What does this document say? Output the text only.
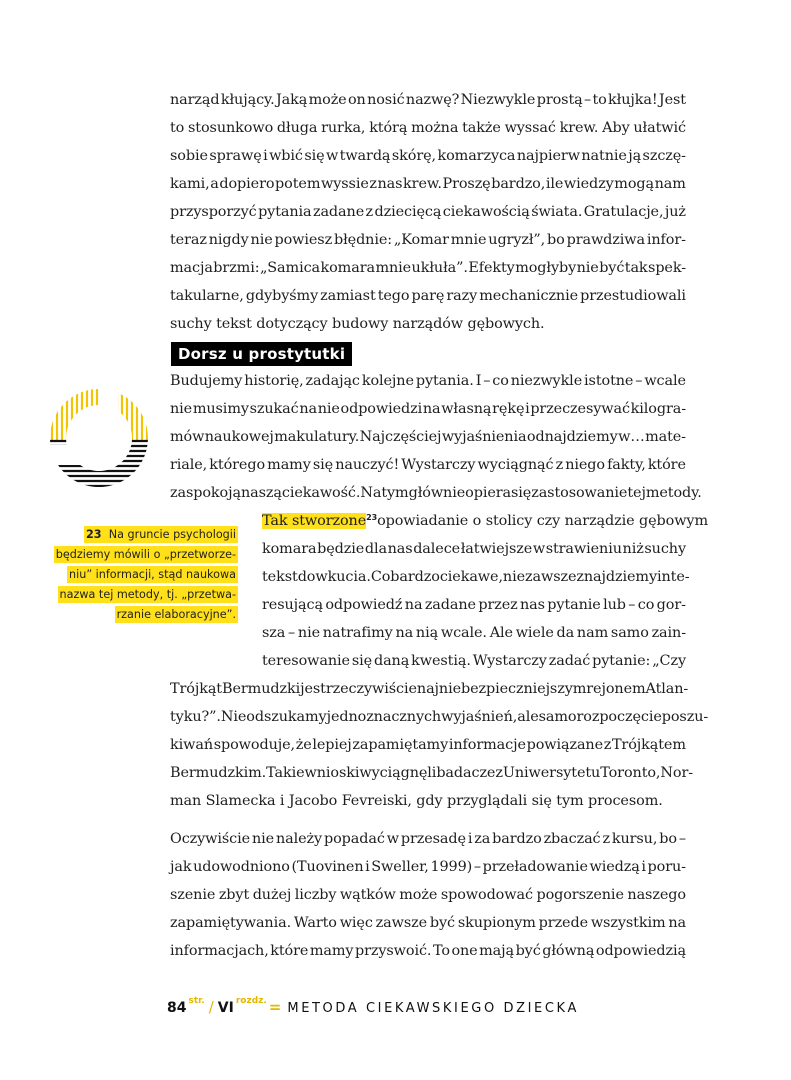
narząd kłujący. Jaką może on nosić nazwę? Niezwykle prostą – to kłujka! Jest

to stosunkowo długa rurka, którą można także wyssać krew. Aby ułatwić

sobie sprawę i wbić się w twardą skórę, komarzyca najpierw natnie ją szczę-

kami, a dopiero potem wyssie z nas krew. Proszę bardzo, ile wiedzy mogą nam

przysporzyć pytania zadane z dziecięcą ciekawością świata. Gratulacje, już

teraz nigdy nie powiesz błędnie: „Komar mnie ugryzł”, bo prawdziwa infor-

macja brzmi: „Samica komara mnie ukłuła”. Efekty mogłyby nie być tak spek-

takularne, gdybyśmy zamiast tego parę razy mechanicznie przestudiowali

suchy tekst dotyczący budowy narządów gębowych.

Dorsz u prostytutki

Budujemy historię, zadając kolejne pytania. I – co niezwykle istotne – wcale

nie musimy szukać na nie odpowiedzi na własną rękę i przeczesywać kilogra-

mów naukowej makulatury. Najczęściej wyjaśnienia odnajdziemy w… mate-

riale, którego mamy się nauczyć! Wystarczy wyciągnąć z niego fakty, które

zaspokoją naszą ciekawość. Na tym głównie opiera się zastosowanie tej metody.

Tak stworzone$^{23}$ opowiadanie o stolicy czy narządzie gębowym

komara będzie dla nas dalece łatwiejsze w strawieniu niż suchy

tekst do wkucia. Co bardzo ciekawe, nie zawsze znajdziemy inte-

resującą odpowiedź na zadane przez nas pytanie lub – co gor-

sza – nie natrafimy na nią wcale. Ale wiele da nam samo zain-

teresowanie się daną kwestią. Wystarczy zadać pytanie: „Czy

Trójkąt Bermudzki jest rzeczywiście najniebezpieczniejszym rejonem Atlan-

tyku?”. Nie odszukamy jednoznacznych wyjaśnień, ale samo rozpoczęcie poszu-

kiwań spowoduje, że lepiej zapamiętamy informacje powiązane z Trójkątem

Bermudzkim. Takie wnioski wyciągnęli badacze z Uniwersytetu Toronto, Nor-

man Slamecka i Jacobo Fevreiski, gdy przyglądali się tym procesom.

23 Na gruncie psychologii
będziemy mówili o „przetworze-
niu” informacji, stąd naukowa
nazwa tej metody, tj. „przetwa-
rzanie elaboracyjne”.

Oczywiście nie należy popadać w przesadę i za bardzo zbaczać z kursu, bo –

jak udowodniono (Tuovinen i Sweller, 1999) – przeładowanie wiedzą i poru-

szenie zbyt dużej liczby wątków może spowodować pogorszenie naszego

zapamiętywania. Warto więc zawsze być skupionym przede wszystkim na

informacjach, które mamy przyswoić. To one mają być główną odpowiedzią

84 $^{str.}$ / VI $^{rozdz.}$ = METODA CIEKAWSKIEGO DZIECKA
